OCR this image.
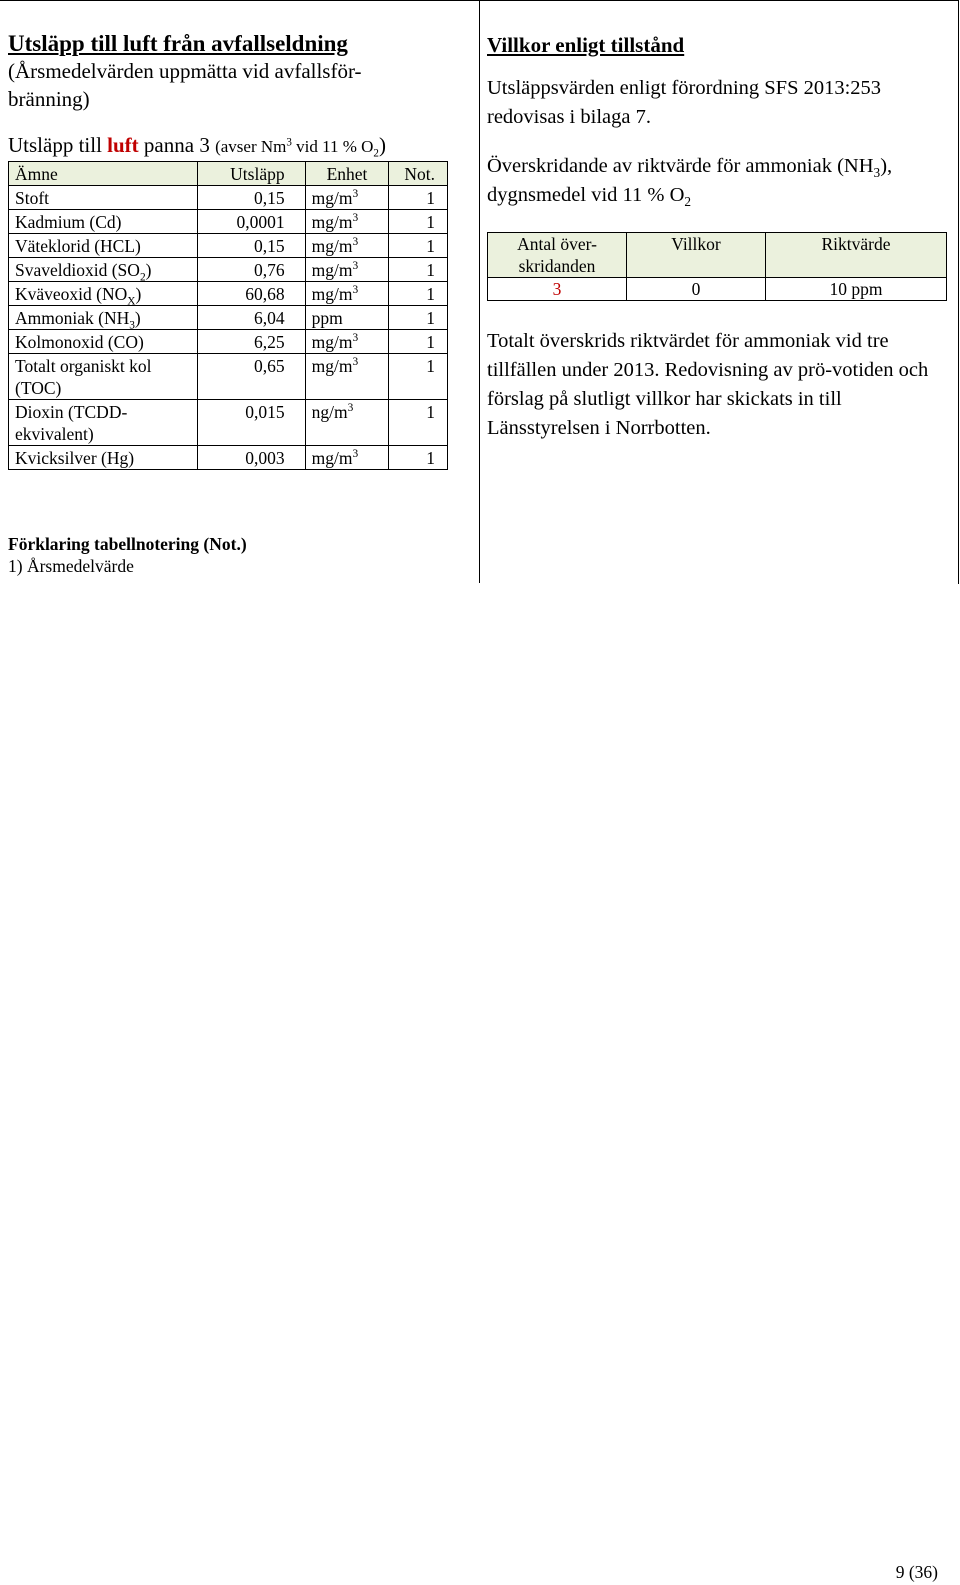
Utsläpp till luft från avfallseldning

(Årsmedelvärden uppmätta vid avfallsför-
bränning)

Utsläpp till luft panna 3 (avser Nm$^3$ vid 11 % $O_2$)
Ämne	Utsläpp	Enhet	Not.
Stoft	0,15	$mg/m^3$	1
Kadmium (Cd)	0,0001	$mg/m^3$	1
Väteklorid (HCL)	0,15	$mg/m^3$	1
Svaveldioxid $(SO_2)$	0,76	$mg/m^3$	1
Kväveoxid $(NO_X)$	60,68	$mg/m^3$	1
Ammoniak $(NH_3)$	6,04	ppm	1
Kolmonoxid (CO)	6,25	$mg/m^3$	1
Totalt organiskt kol (TOC)	0,65	$mg/m^3$	1
Dioxin (TCDD-ekvivalent)	0,015	$ng/m^3$	1
Kvicksilver (Hg)	0,003	$mg/m^3$	1
Förklaring tabellnotering (Not.)
1) Årsmedelvärde
Villkor enligt tillstånd

Utsläppsvärden enligt förordning SFS 2013:253 redovisas i bilaga 7.

Överskridande av riktvärde för ammoniak $(NH_3)$, dygnsmedel vid 11 % $O_2$

Antal över-skridanden	Villkor	Riktvärde
3	0	10 ppm

Totalt överskrids riktvärdet för ammoniak vid tre tillfällen under 2013. Redovisning av prö-votiden och förslag på slutligt villkor har skickats in till Länsstyrelsen i Norrbotten.

9 (36)
